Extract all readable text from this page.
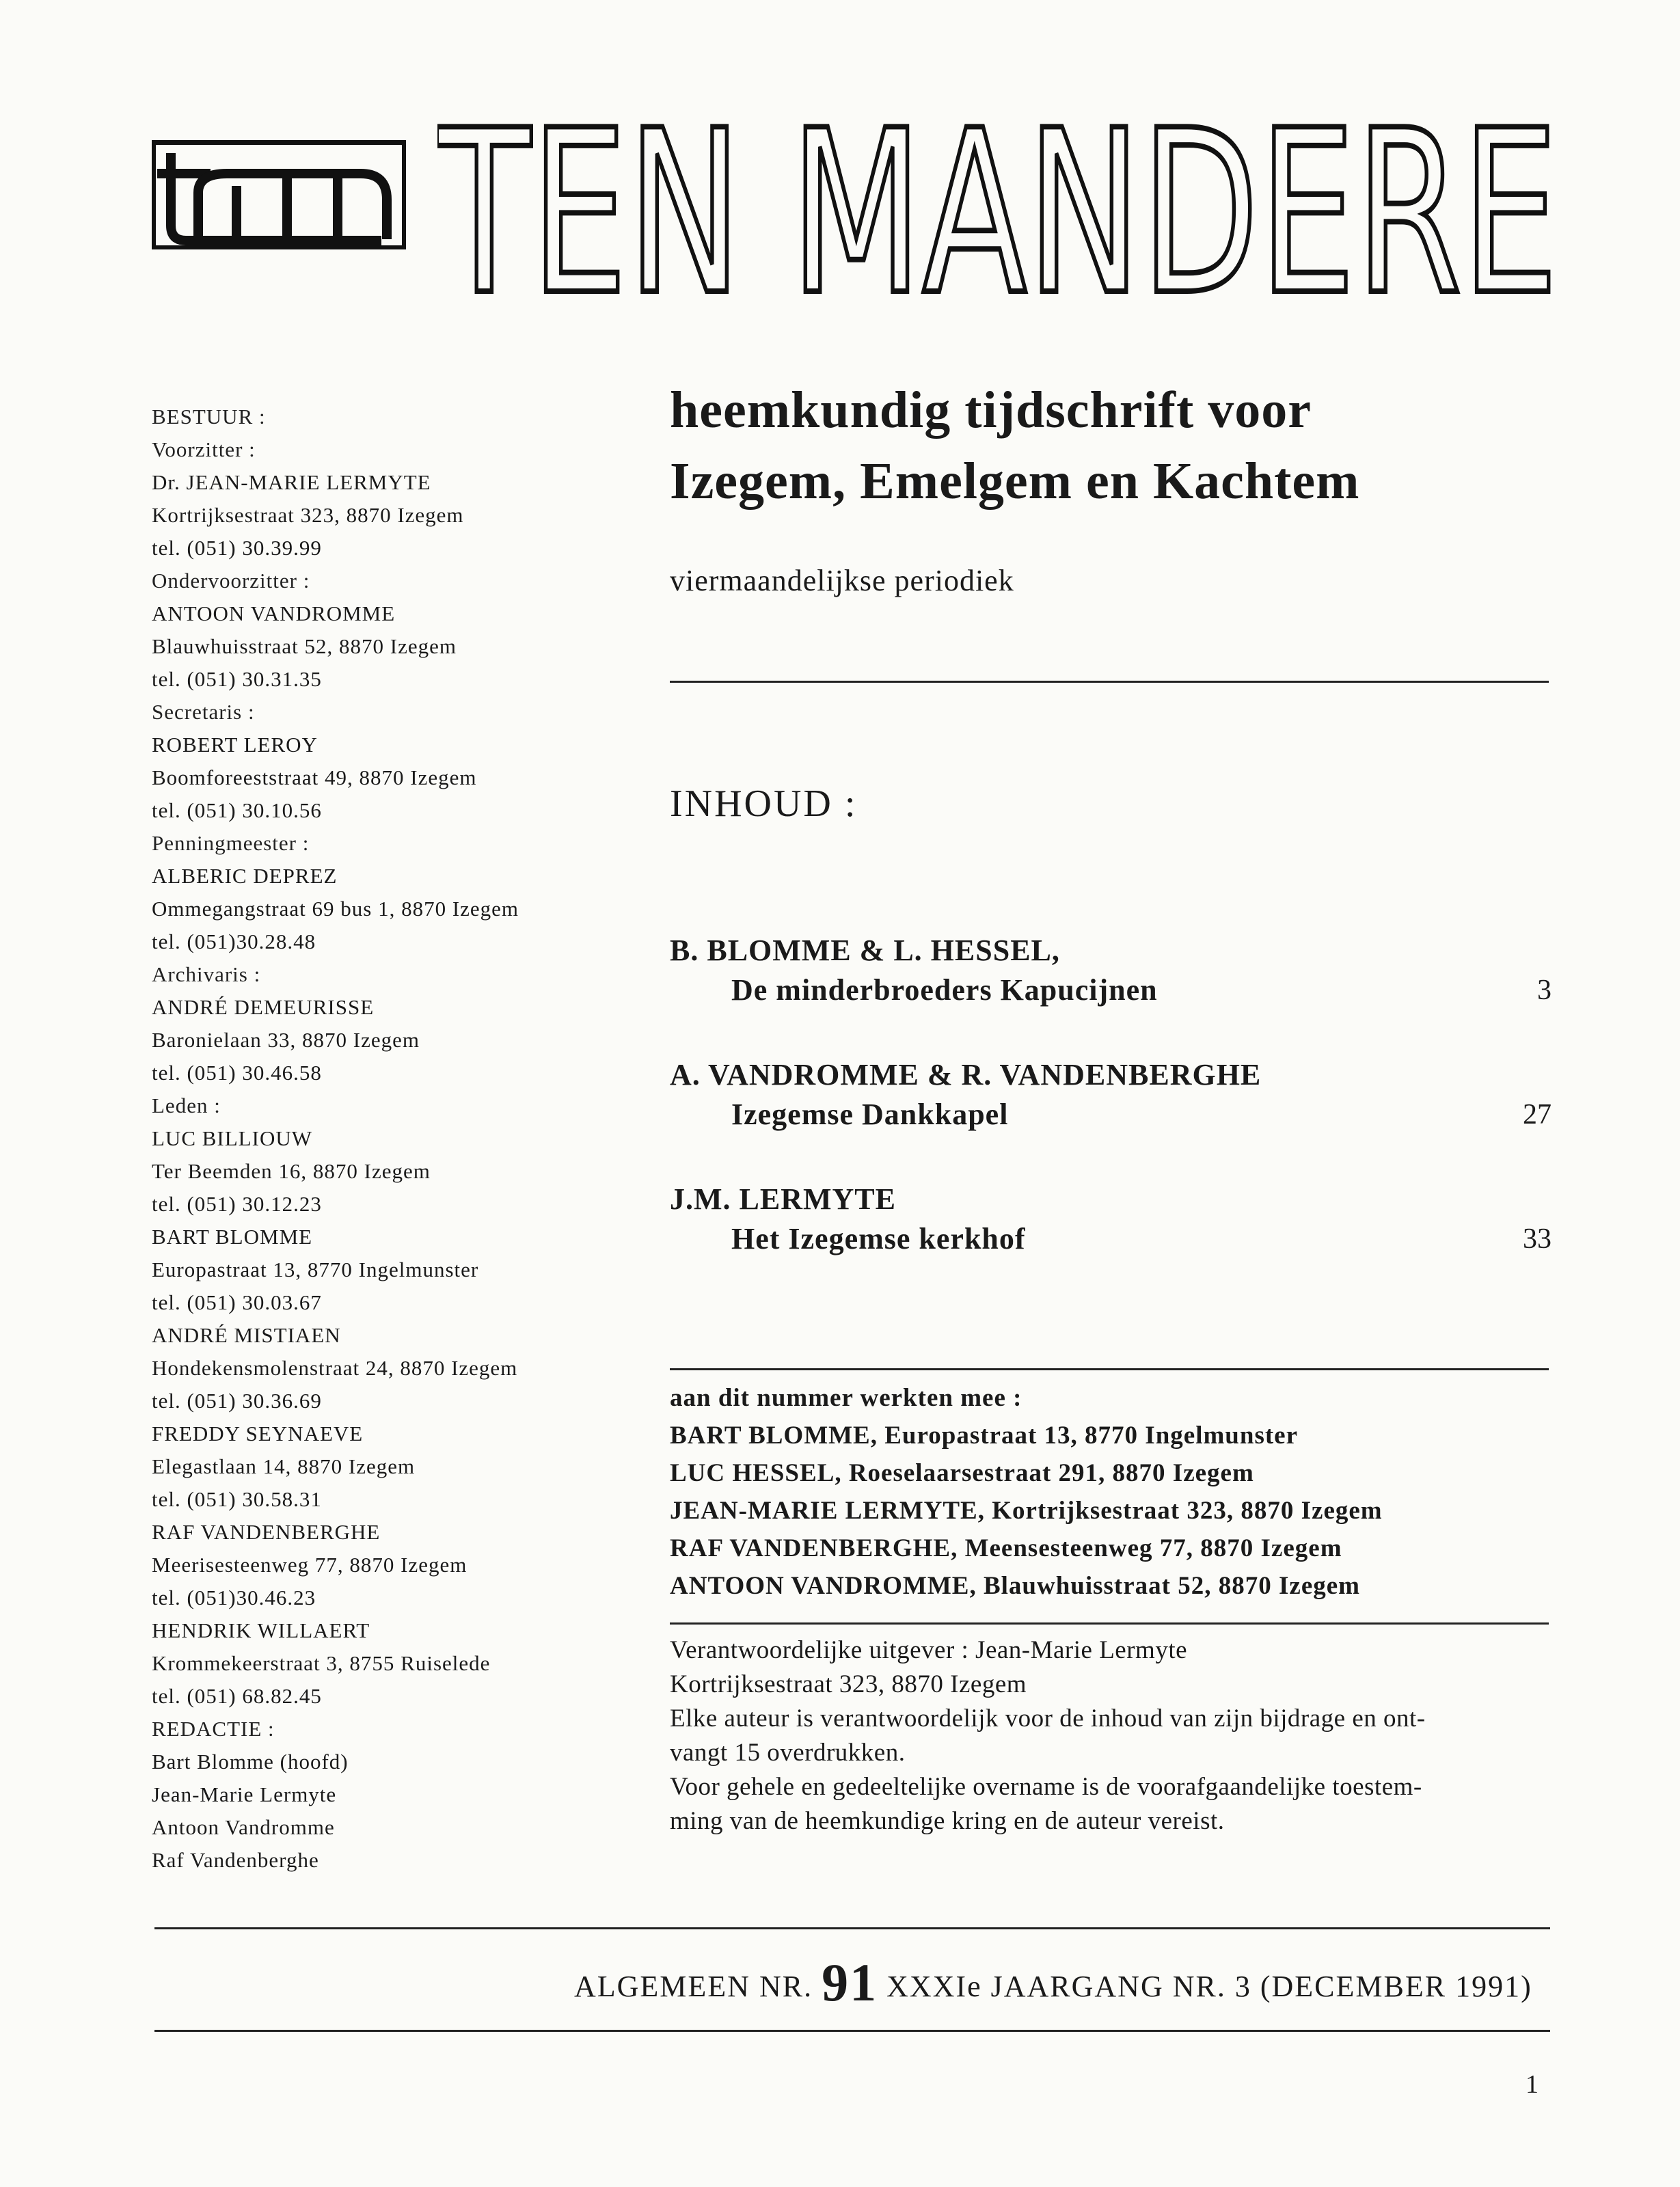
TEN MANDERE
BESTUUR :
Voorzitter :
Dr. JEAN-MARIE LERMYTE
Kortrijksestraat 323, 8870 Izegem
tel. (051) 30.39.99
Ondervoorzitter :
ANTOON VANDROMME
Blauwhuisstraat 52, 8870 Izegem
tel. (051) 30.31.35
Secretaris :
ROBERT LEROY
Boomforeeststraat 49, 8870 Izegem
tel. (051) 30.10.56
Penningmeester :
ALBERIC DEPREZ
Ommegangstraat 69 bus 1, 8870 Izegem
tel. (051)30.28.48
Archivaris :
ANDRÉ DEMEURISSE
Baronielaan 33, 8870 Izegem
tel. (051) 30.46.58
Leden :
LUC BILLIOUW
Ter Beemden 16, 8870 Izegem
tel. (051) 30.12.23
BART BLOMME
Europastraat 13, 8770 Ingelmunster
tel. (051) 30.03.67
ANDRÉ MISTIAEN
Hondekensmolenstraat 24, 8870 Izegem
tel. (051) 30.36.69
FREDDY SEYNAEVE
Elegastlaan 14, 8870 Izegem
tel. (051) 30.58.31
RAF VANDENBERGHE
Meerisesteenweg 77, 8870 Izegem
tel. (051)30.46.23
HENDRIK WILLAERT
Krommekeerstraat 3, 8755 Ruiselede
tel. (051) 68.82.45
REDACTIE :
Bart Blomme (hoofd)
Jean-Marie Lermyte
Antoon Vandromme
Raf Vandenberghe
heemkundig tijdschrift voor
Izegem, Emelgem en Kachtem
viermaandelijkse periodiek
INHOUD :
B. BLOMME & L. HESSEL,
De minderbroeders Kapucijnen	3
A. VANDROMME & R. VANDENBERGHE
Izegemse Dankkapel	27
J.M. LERMYTE
Het Izegemse kerkhof	33
aan dit nummer werkten mee :
BART BLOMME, Europastraat 13, 8770 Ingelmunster
LUC HESSEL, Roeselaarsestraat 291, 8870 Izegem
JEAN-MARIE LERMYTE, Kortrijksestraat 323, 8870 Izegem
RAF VANDENBERGHE, Meensesteenweg 77, 8870 Izegem
ANTOON VANDROMME, Blauwhuisstraat 52, 8870 Izegem
Verantwoordelijke uitgever : Jean-Marie Lermyte
Kortrijksestraat 323, 8870 Izegem
Elke auteur is verantwoordelijk voor de inhoud van zijn bijdrage en ont-
vangt 15 overdrukken.
Voor gehele en gedeeltelijke overname is de voorafgaandelijke toestem-
ming van de heemkundige kring en de auteur vereist.
ALGEMEEN NR. 91 XXXIe JAARGANG NR. 3 (DECEMBER 1991)
1
